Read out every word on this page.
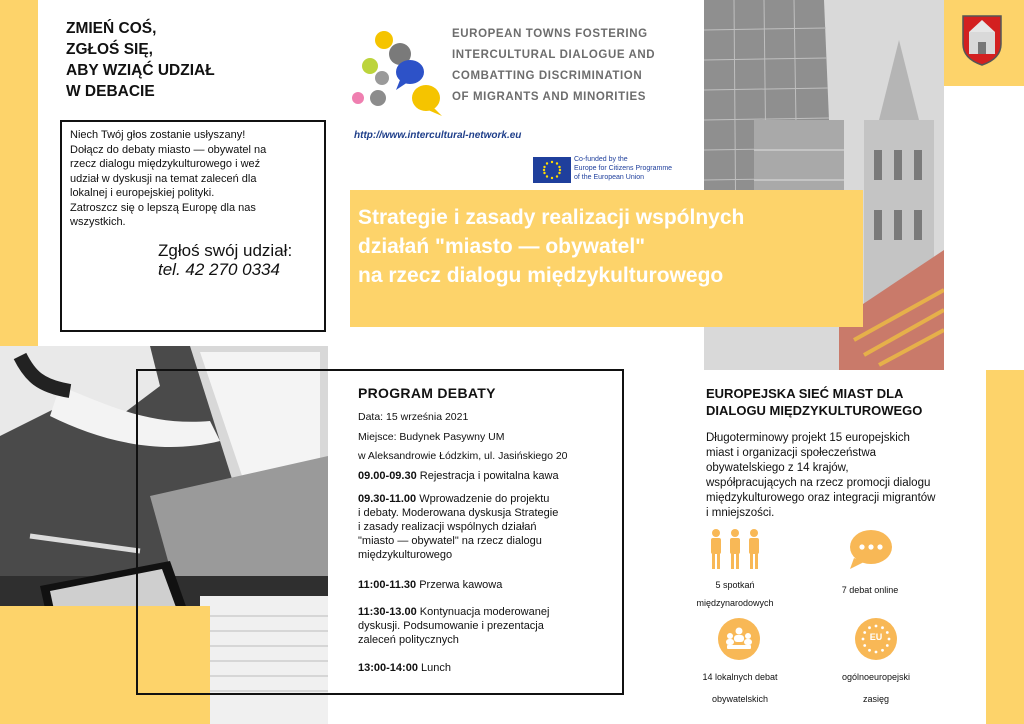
ZMIEŃ COŚ,
ZGŁOŚ SIĘ,
ABY WZIĄĆ UDZIAŁ
W DEBACIE
Niech Twój głos zostanie usłyszany!
Dołącz do debaty miasto — obywatel na
rzecz dialogu międzykulturowego i weź
udział w dyskusji na temat zaleceń dla
lokalnej i europejskiej polityki.
Zatroszcz się o lepszą Europę dla nas
wszystkich.
Zgłoś swój udział:
tel. 42 270 0334
EUROPEAN TOWNS FOSTERING
INTERCULTURAL DIALOGUE AND
COMBATTING DISCRIMINATION
OF MIGRANTS AND MINORITIES
http://www.intercultural-network.eu
Co-funded by the
Europe for Citizens Programme
of the European Union
Strategie i zasady realizacji wspólnych
działań "miasto — obywatel"
na rzecz dialogu międzykulturowego
PROGRAM DEBATY
Data: 15 września 2021
Miejsce: Budynek Pasywny UM
w Aleksandrowie Łódzkim, ul. Jasińskiego 20
09.00-09.30 Rejestracja i powitalna kawa
09.30-11.00 Wprowadzenie do projektu
i debaty. Moderowana dyskusja Strategie
i zasady realizacji wspólnych działań
"miasto — obywatel" na rzecz dialogu
międzykulturowego
11:00-11.30 Przerwa kawowa
11:30-13.00 Kontynuacja moderowanej
dyskusji. Podsumowanie i prezentacja
zaleceń politycznych
13:00-14:00 Lunch
EUROPEJSKA SIEĆ MIAST DLA
DIALOGU MIĘDZYKULTUROWEGO
Długoterminowy projekt 15 europejskich
miast i organizacji społeczeństwa
obywatelskiego z 14 krajów,
współpracujących na rzecz promocji dialogu
międzykulturowego oraz integracji migrantów
i mniejszości.
5 spotkań
międzynarodowych
7 debat online
14 lokalnych debat
obywatelskich
EU
ogólnoeuropejski
zasięg
